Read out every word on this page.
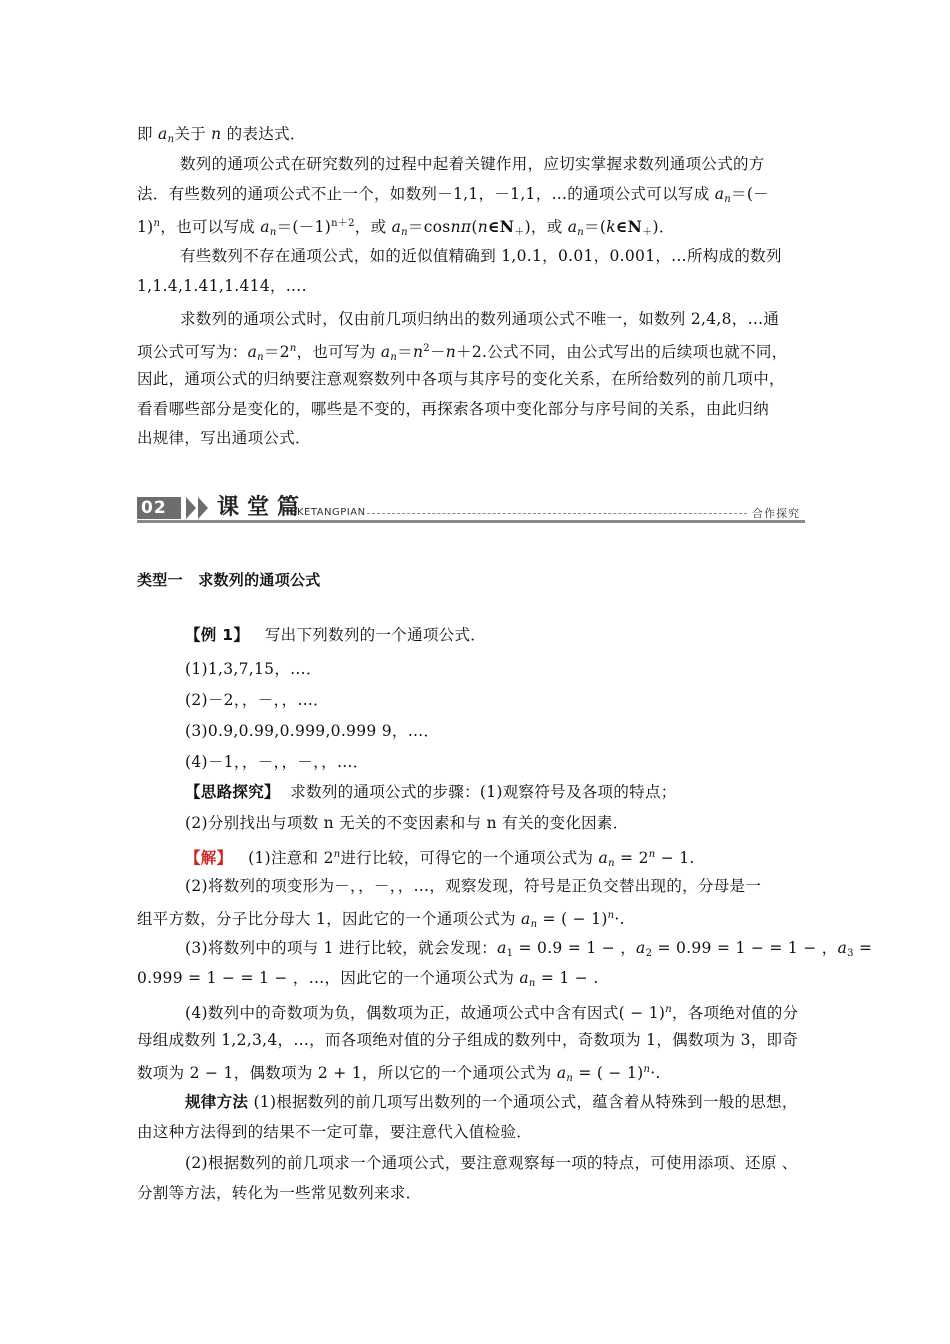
即 $a_n$关于 n 的表达式．
数列的通项公式在研究数列的过程中起着关键作用，应切实掌握求数列通项公式的方
法．有些数列的通项公式不止一个，如数列－1,1，－1,1，…的通项公式可以写成 $a_n=(-$
1)$^n$，也可以写成 $a_n=(-1)^{n+2}$，或 $a_n=\cos n\pi(n\in N_+)$，或 $a_n=(k\in N_+)$．
有些数列不存在通项公式，如的近似值精确到 1,0.1，0.01，0.001，…所构成的数列
1,1.4,1.41,1.414，….
求数列的通项公式时，仅由前几项归纳出的数列通项公式不唯一，如数列 2,4,8，…通
项公式可写为：$a_n=2^n$，也可写为 $a_n=n^2-n+2$.公式不同，由公式写出的后续项也就不同，
因此，通项公式的归纳要注意观察数列中各项与其序号的变化关系，在所给数列的前几项中，
看看哪些部分是变化的，哪些是不变的，再探索各项中变化部分与序号间的关系，由此归纳
出规律，写出通项公式．
02	课堂篇
KETANGPIAN	合作探究
类型一　求数列的通项公式
【例 1】 写出下列数列的一个通项公式．
(1)1,3,7,15，…．
(2)－2，，－，，…．
(3)0.9,0.99,0.999,0.999 9，…．
(4)－1，，－，，－，，…．
【思路探究】 求数列的通项公式的步骤：(1)观察符号及各项的特点；
(2)分别找出与项数 n 无关的不变因素和与 n 有关的变化因素．
【解】 (1)注意和 2$^n$进行比较，可得它的一个通项公式为 $a_n = 2^n - 1$.
(2)将数列的项变形为－，，－，，…，观察发现，符号是正负交替出现的，分母是一
组平方数，分子比分母大 1，因此它的一个通项公式为 $a_n$ = ( − 1)$^n$·.
(3)将数列中的项与 1 进行比较，就会发现：$a_1 = 0.9 = 1$ − ，$a_2 = 0.99 = 1$ − = 1 − ，$a_3$ =
0.999 = 1 − = 1 − ，…，因此它的一个通项公式为 $a_n = 1$ − .
(4)数列中的奇数项为负，偶数项为正，故通项公式中含有因式( − 1)$^n$，各项绝对值的分
母组成数列 1,2,3,4，…，而各项绝对值的分子组成的数列中，奇数项为 1，偶数项为 3，即奇
数项为 2 − 1，偶数项为 2 + 1，所以它的一个通项公式为 $a_n$ = ( − 1)$^n$·.
规律方法 (1)根据数列的前几项写出数列的一个通项公式，蕴含着从特殊到一般的思想，
由这种方法得到的结果不一定可靠，要注意代入值检验．
(2)根据数列的前几项求一个通项公式，要注意观察每一项的特点，可使用添项、还原 、
分割等方法，转化为一些常见数列来求．
